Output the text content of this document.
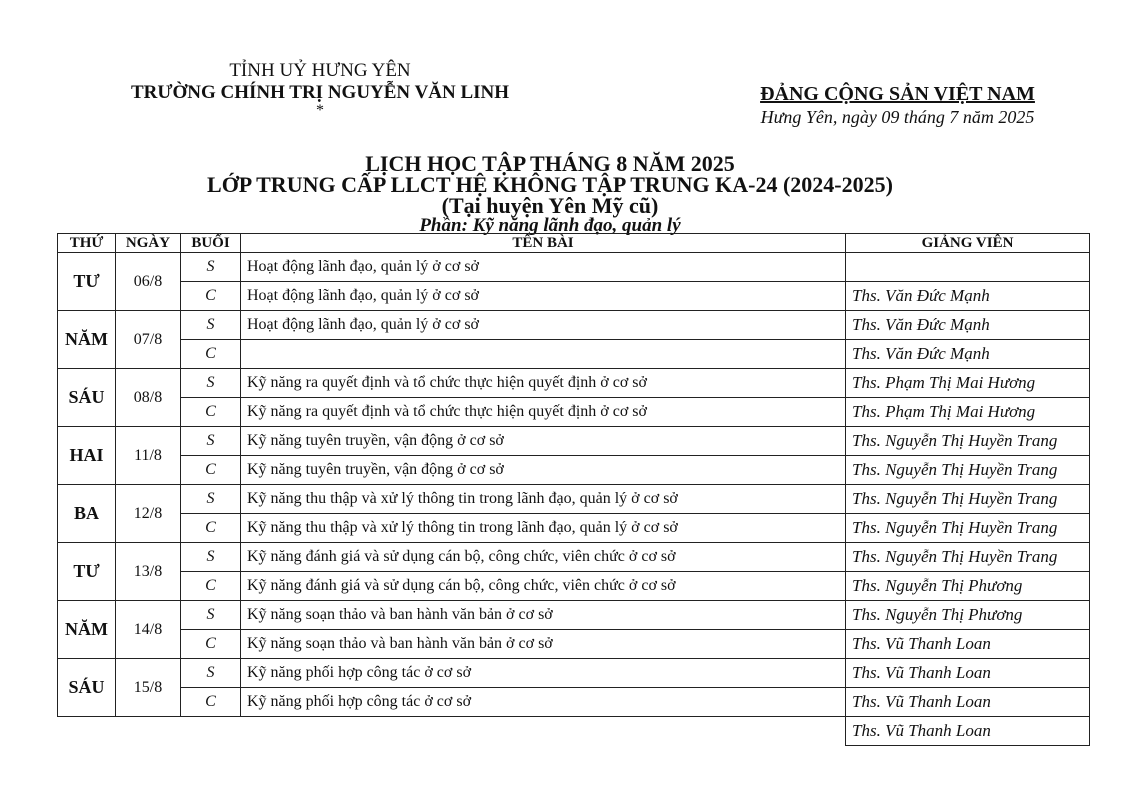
TỈNH UỶ HƯNG YÊN
TRƯỜNG CHÍNH TRỊ NGUYỄN VĂN LINH
*
ĐẢNG CỘNG SẢN VIỆT NAM
Hưng Yên, ngày 09 tháng 7 năm 2025
LỊCH HỌC TẬP THÁNG 8 NĂM 2025
LỚP TRUNG CẤP LLCT HỆ KHÔNG TẬP TRUNG KA-24 (2024-2025)
(Tại huyện Yên Mỹ cũ)
Phần: Kỹ năng lãnh đạo, quản lý
THỨ	NGÀY	BUỔI	TÊN BÀI	GIẢNG VIÊN
TƯ	06/8	S	Hoạt động lãnh đạo, quản lý ở cơ sở	
		C	Hoạt động lãnh đạo, quản lý ở cơ sở	Ths. Văn Đức Mạnh
NĂM	07/8	S	Hoạt động lãnh đạo, quản lý ở cơ sở	Ths. Văn Đức Mạnh
		C		Ths. Văn Đức Mạnh
SÁU	08/8	S	Kỹ năng ra quyết định và tổ chức thực hiện quyết định ở cơ sở	Ths. Phạm Thị Mai Hương
		C	Kỹ năng ra quyết định và tổ chức thực hiện quyết định ở cơ sở	Ths. Phạm Thị Mai Hương
HAI	11/8	S	Kỹ năng tuyên truyền, vận động ở cơ sở	Ths. Nguyễn Thị Huyền Trang
		C	Kỹ năng tuyên truyền, vận động ở cơ sở	Ths. Nguyễn Thị Huyền Trang
BA	12/8	S	Kỹ năng thu thập và xử lý thông tin trong lãnh đạo, quản lý ở cơ sở	Ths. Nguyễn Thị Huyền Trang
		C	Kỹ năng thu thập và xử lý thông tin trong lãnh đạo, quản lý ở cơ sở	Ths. Nguyễn Thị Huyền Trang
TƯ	13/8	S	Kỹ năng đánh giá và sử dụng cán bộ, công chức, viên chức ở cơ sở	Ths. Nguyễn Thị Huyền Trang
		C	Kỹ năng đánh giá và sử dụng cán bộ, công chức, viên chức ở cơ sở	Ths. Nguyễn Thị Phương
NĂM	14/8	S	Kỹ năng soạn thảo và ban hành văn bản ở cơ sở	Ths. Nguyễn Thị Phương
		C	Kỹ năng soạn thảo và ban hành văn bản ở cơ sở	Ths. Vũ Thanh Loan
SÁU	15/8	S	Kỹ năng phối hợp công tác ở cơ sở	Ths. Vũ Thanh Loan
		C	Kỹ năng phối hợp công tác ở cơ sở	Ths. Vũ Thanh Loan
				Ths. Vũ Thanh Loan
